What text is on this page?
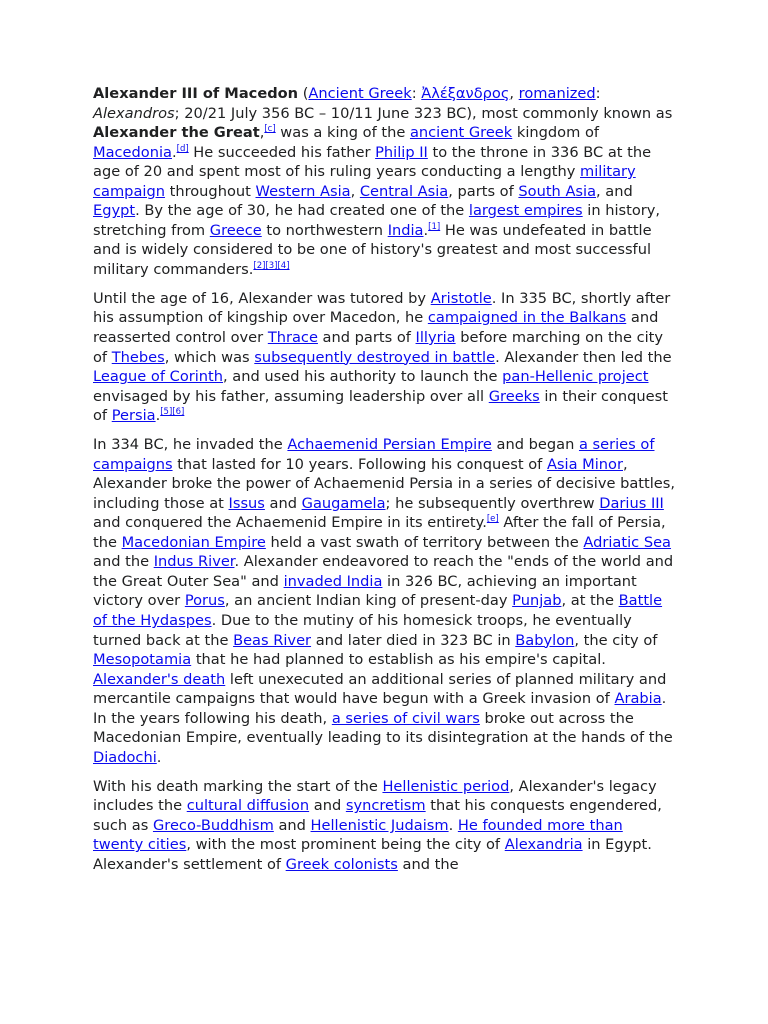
Alexander III of Macedon (Ancient Greek: Ἀλέξανδρος, romanized: Alexandros; 20/21 July 356 BC – 10/11 June 323 BC), most commonly known as Alexander the Great,[c] was a king of the ancient Greek kingdom of Macedonia.[d] He succeeded his father Philip II to the throne in 336 BC at the age of 20 and spent most of his ruling years conducting a lengthy military campaign throughout Western Asia, Central Asia, parts of South Asia, and Egypt. By the age of 30, he had created one of the largest empires in history, stretching from Greece to northwestern India.[1] He was undefeated in battle and is widely considered to be one of history's greatest and most successful military commanders.[2][3][4]

Until the age of 16, Alexander was tutored by Aristotle. In 335 BC, shortly after his assumption of kingship over Macedon, he campaigned in the Balkans and reasserted control over Thrace and parts of Illyria before marching on the city of Thebes, which was subsequently destroyed in battle. Alexander then led the League of Corinth, and used his authority to launch the pan-Hellenic project envisaged by his father, assuming leadership over all Greeks in their conquest of Persia.[5][6]

In 334 BC, he invaded the Achaemenid Persian Empire and began a series of campaigns that lasted for 10 years. Following his conquest of Asia Minor, Alexander broke the power of Achaemenid Persia in a series of decisive battles, including those at Issus and Gaugamela; he subsequently overthrew Darius III and conquered the Achaemenid Empire in its entirety.[e] After the fall of Persia, the Macedonian Empire held a vast swath of territory between the Adriatic Sea and the Indus River. Alexander endeavored to reach the "ends of the world and the Great Outer Sea" and invaded India in 326 BC, achieving an important victory over Porus, an ancient Indian king of present-day Punjab, at the Battle of the Hydaspes. Due to the mutiny of his homesick troops, he eventually turned back at the Beas River and later died in 323 BC in Babylon, the city of Mesopotamia that he had planned to establish as his empire's capital. Alexander's death left unexecuted an additional series of planned military and mercantile campaigns that would have begun with a Greek invasion of Arabia. In the years following his death, a series of civil wars broke out across the Macedonian Empire, eventually leading to its disintegration at the hands of the Diadochi.

With his death marking the start of the Hellenistic period, Alexander's legacy includes the cultural diffusion and syncretism that his conquests engendered, such as Greco-Buddhism and Hellenistic Judaism. He founded more than twenty cities, with the most prominent being the city of Alexandria in Egypt. Alexander's settlement of Greek colonists and the
